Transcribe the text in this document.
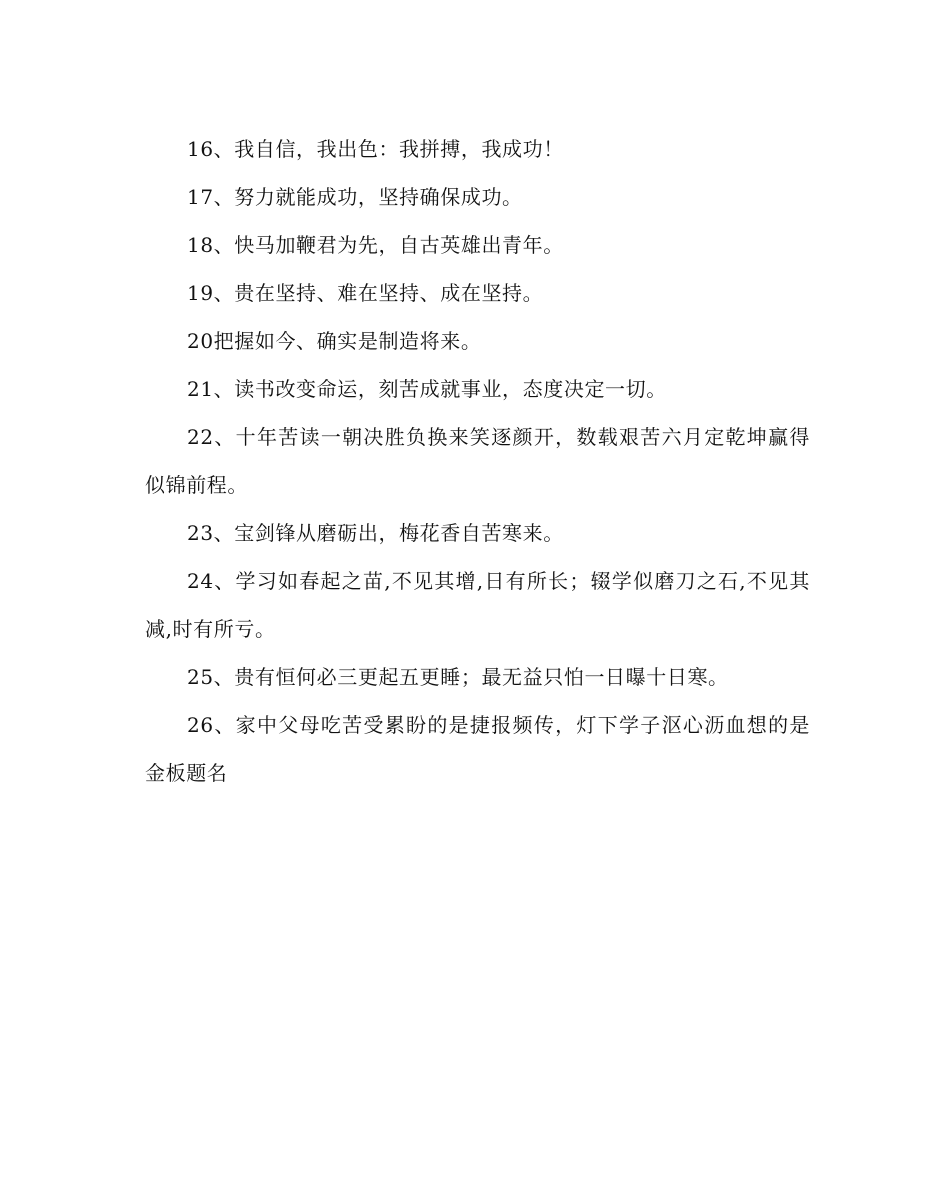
16、我自信，我出色：我拼搏，我成功！

17、努力就能成功，坚持确保成功。

18、快马加鞭君为先，自古英雄出青年。

19、贵在坚持、难在坚持、成在坚持。

20把握如今、确实是制造将来。

21、读书改变命运，刻苦成就事业，态度决定一切。

22、十年苦读一朝决胜负换来笑逐颜开，数载艰苦六月定乾坤赢得似锦前程。

23、宝剑锋从磨砺出，梅花香自苦寒来。

24、学习如春起之苗,不见其增,日有所长；辍学似磨刀之石,不见其减,时有所亏。

25、贵有恒何必三更起五更睡；最无益只怕一日曝十日寒。

26、家中父母吃苦受累盼的是捷报频传，灯下学子沤心沥血想的是金板题名
